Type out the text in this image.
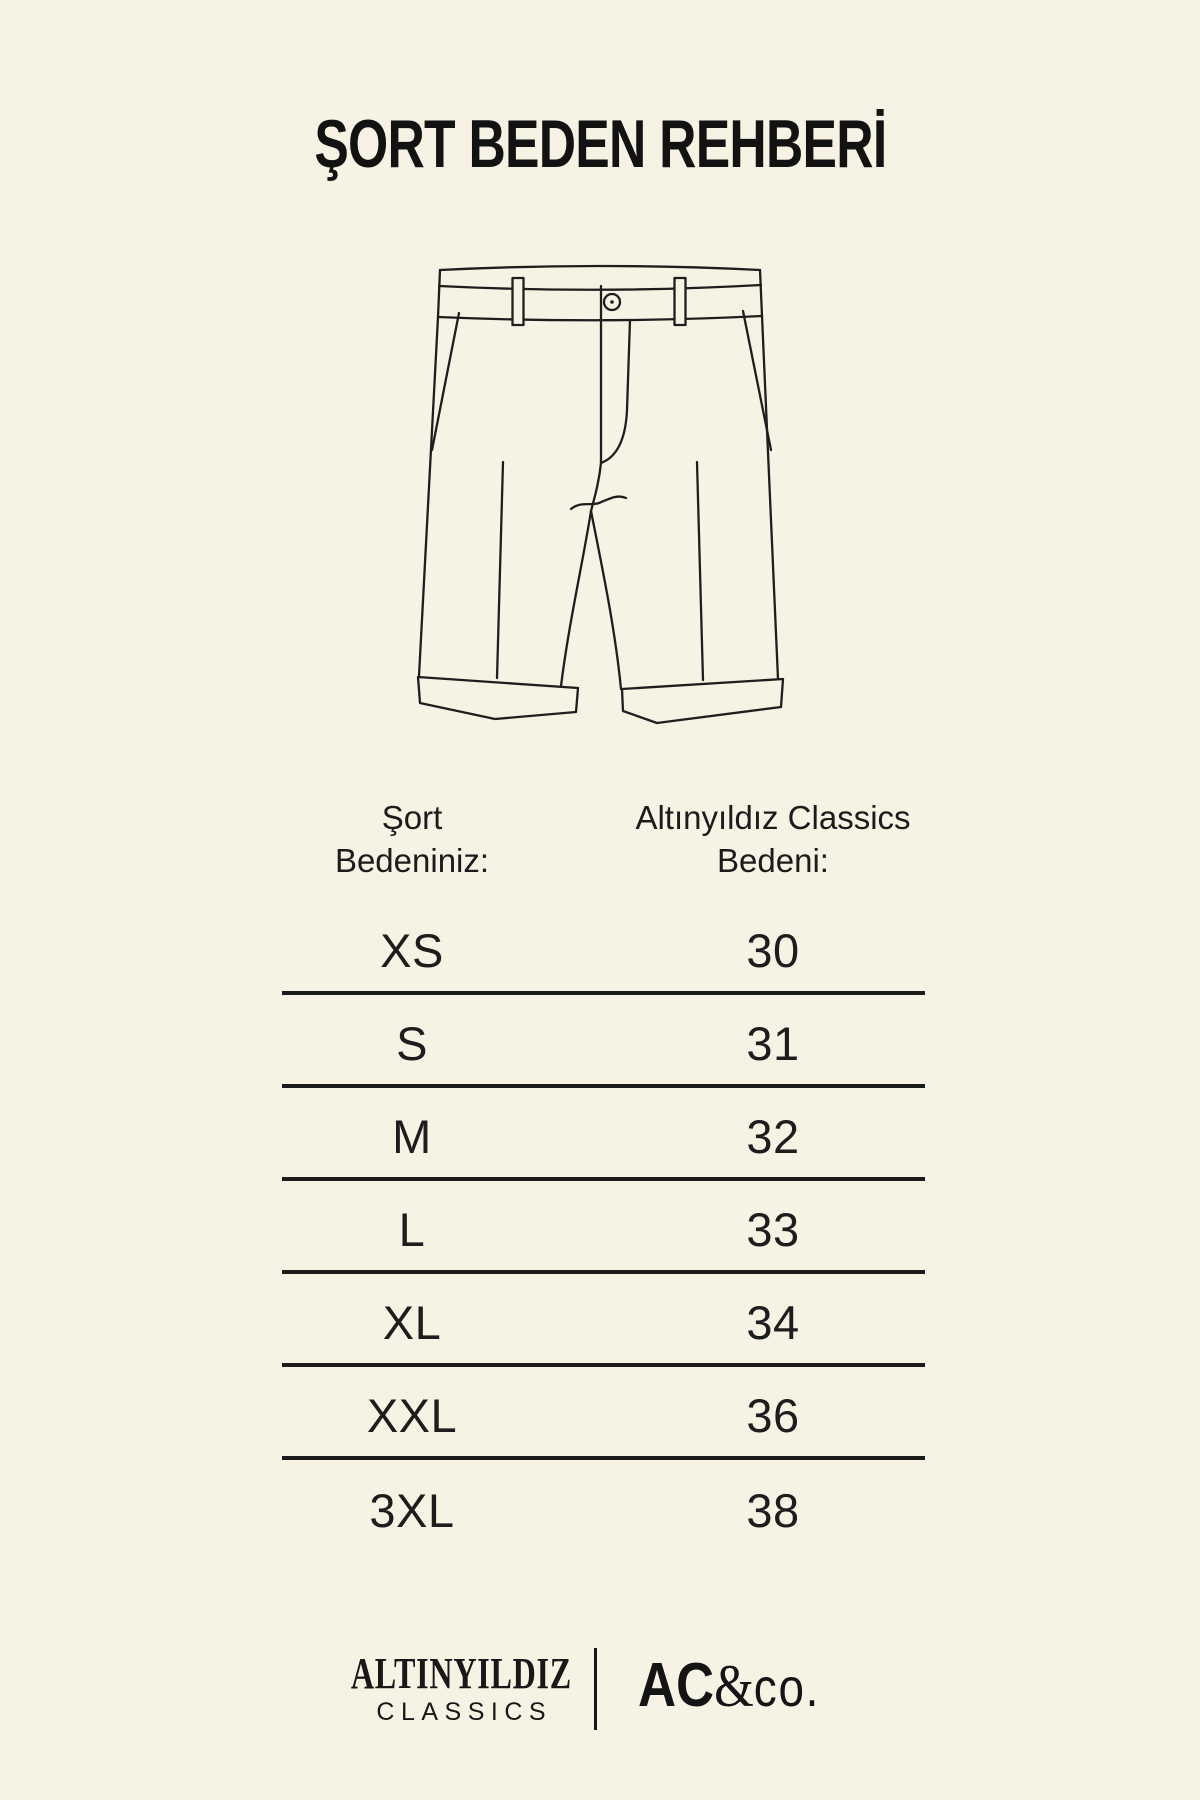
ŞORT BEDEN REHBERİ
Şort
Bedeniniz:
Altınyıldız Classics
Bedeni:
XS	30
S	31
M	32
L	33
XL	34
XXL	36
3XL	38
ALTINYILDIZ
CLASSICS	AC & co.
